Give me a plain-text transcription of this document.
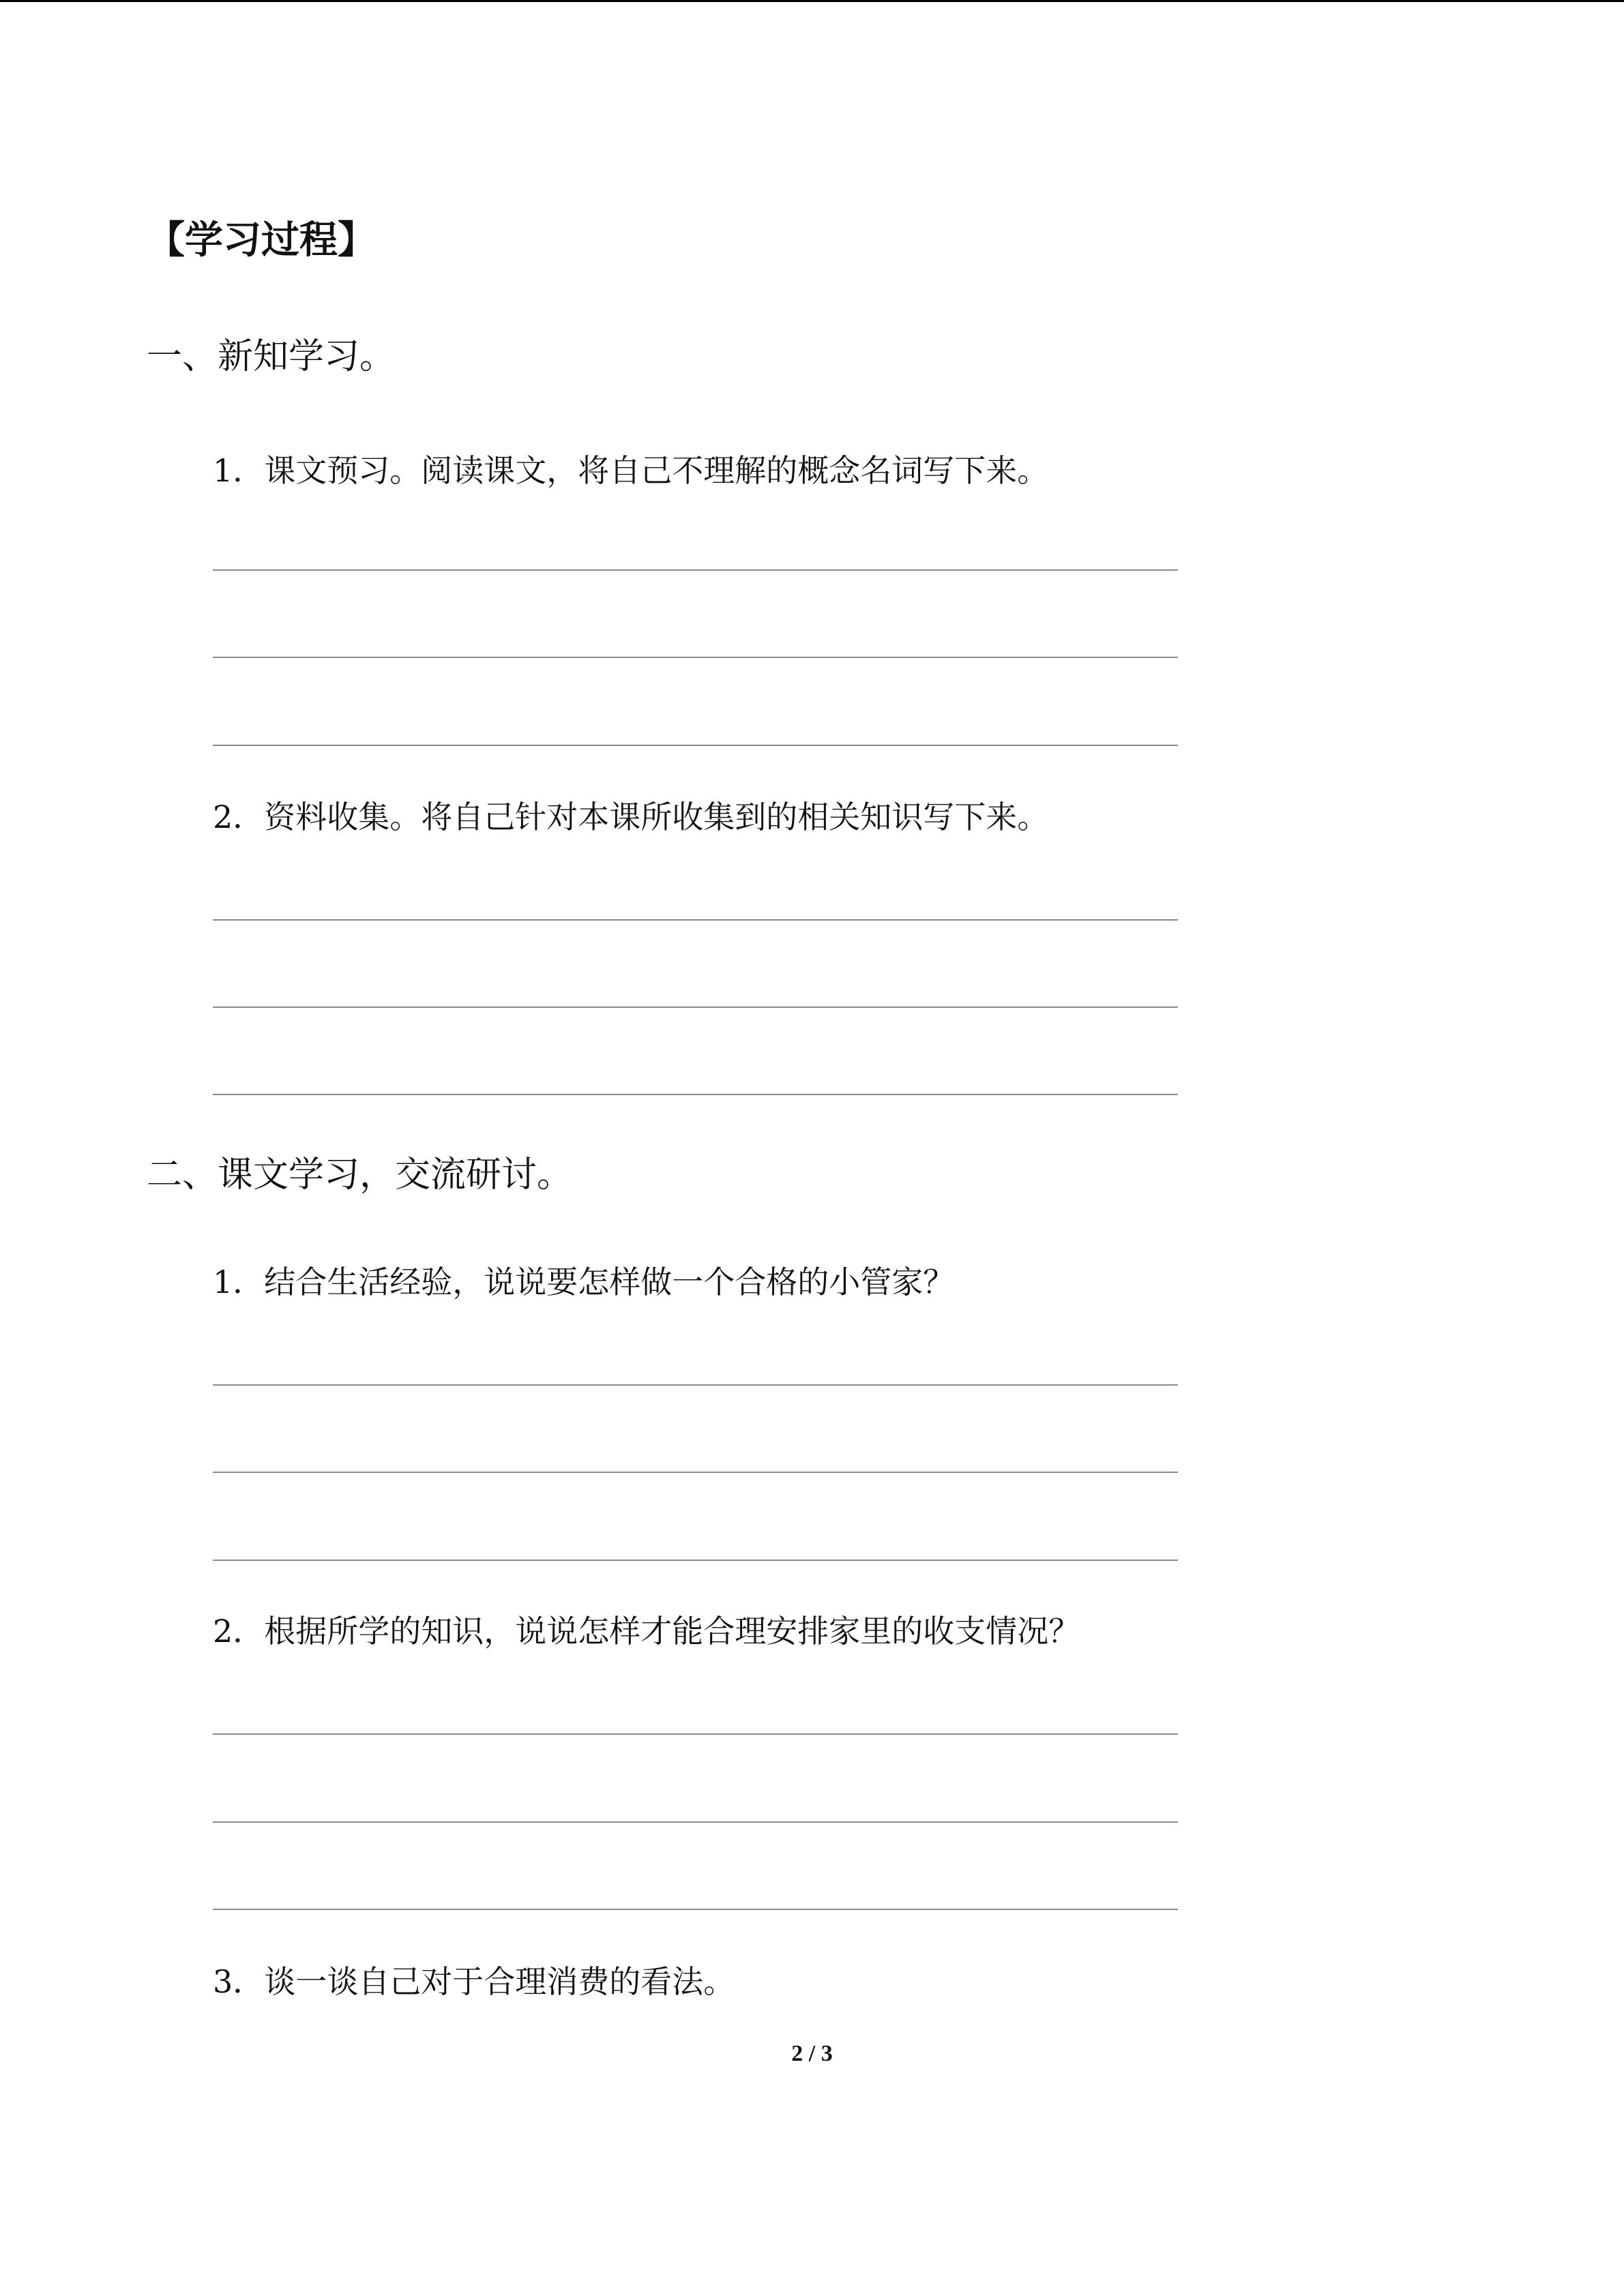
【学习过程】
一、新知学习。
1．课文预习。阅读课文，将自己不理解的概念名词写下来。
2．资料收集。将自己针对本课所收集到的相关知识写下来。
二、课文学习，交流研讨。
1．结合生活经验，说说要怎样做一个合格的小管家？
2．根据所学的知识，说说怎样才能合理安排家里的收支情况？
3．谈一谈自己对于合理消费的看法。
2 / 3
